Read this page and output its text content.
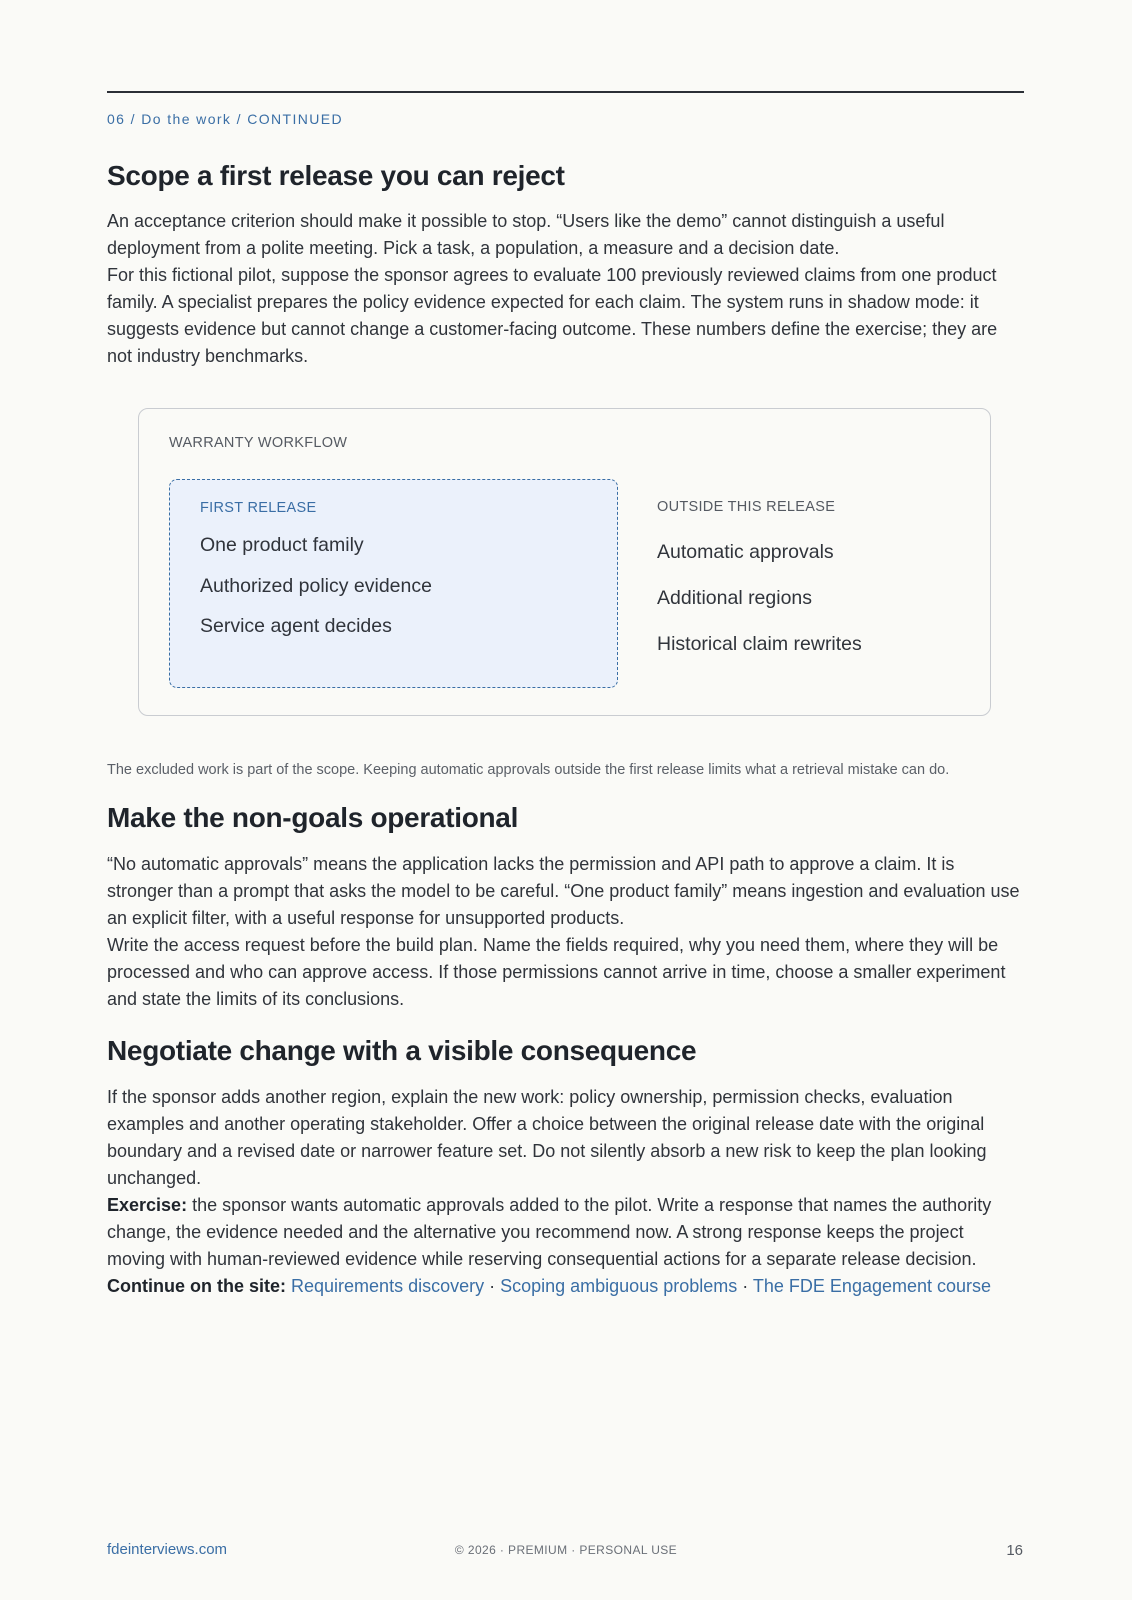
06 / Do the work / CONTINUED
Scope a first release you can reject

An acceptance criterion should make it possible to stop. “Users like the demo” cannot distinguish a useful deployment from a polite meeting. Pick a task, a population, a measure and a decision date.

For this fictional pilot, suppose the sponsor agrees to evaluate 100 previously reviewed claims from one product family. A specialist prepares the policy evidence expected for each claim. The system runs in shadow mode: it suggests evidence but cannot change a customer-facing outcome. These numbers define the exercise; they are not industry benchmarks.

WARRANTY WORKFLOW
FIRST RELEASE
One product family
Authorized policy evidence
Service agent decides
OUTSIDE THIS RELEASE
Automatic approvals
Additional regions
Historical claim rewrites

The excluded work is part of the scope. Keeping automatic approvals outside the first release limits what a retrieval mistake can do.

Make the non-goals operational

“No automatic approvals” means the application lacks the permission and API path to approve a claim. It is stronger than a prompt that asks the model to be careful. “One product family” means ingestion and evaluation use an explicit filter, with a useful response for unsupported products.

Write the access request before the build plan. Name the fields required, why you need them, where they will be processed and who can approve access. If those permissions cannot arrive in time, choose a smaller experiment and state the limits of its conclusions.

Negotiate change with a visible consequence

If the sponsor adds another region, explain the new work: policy ownership, permission checks, evaluation examples and another operating stakeholder. Offer a choice between the original release date with the original boundary and a revised date or narrower feature set. Do not silently absorb a new risk to keep the plan looking unchanged.

Exercise: the sponsor wants automatic approvals added to the pilot. Write a response that names the authority change, the evidence needed and the alternative you recommend now. A strong response keeps the project moving with human-reviewed evidence while reserving consequential actions for a separate release decision.

Continue on the site: Requirements discovery · Scoping ambiguous problems · The FDE Engagement course

fdeinterviews.com	© 2026 · PREMIUM · PERSONAL USE	16
